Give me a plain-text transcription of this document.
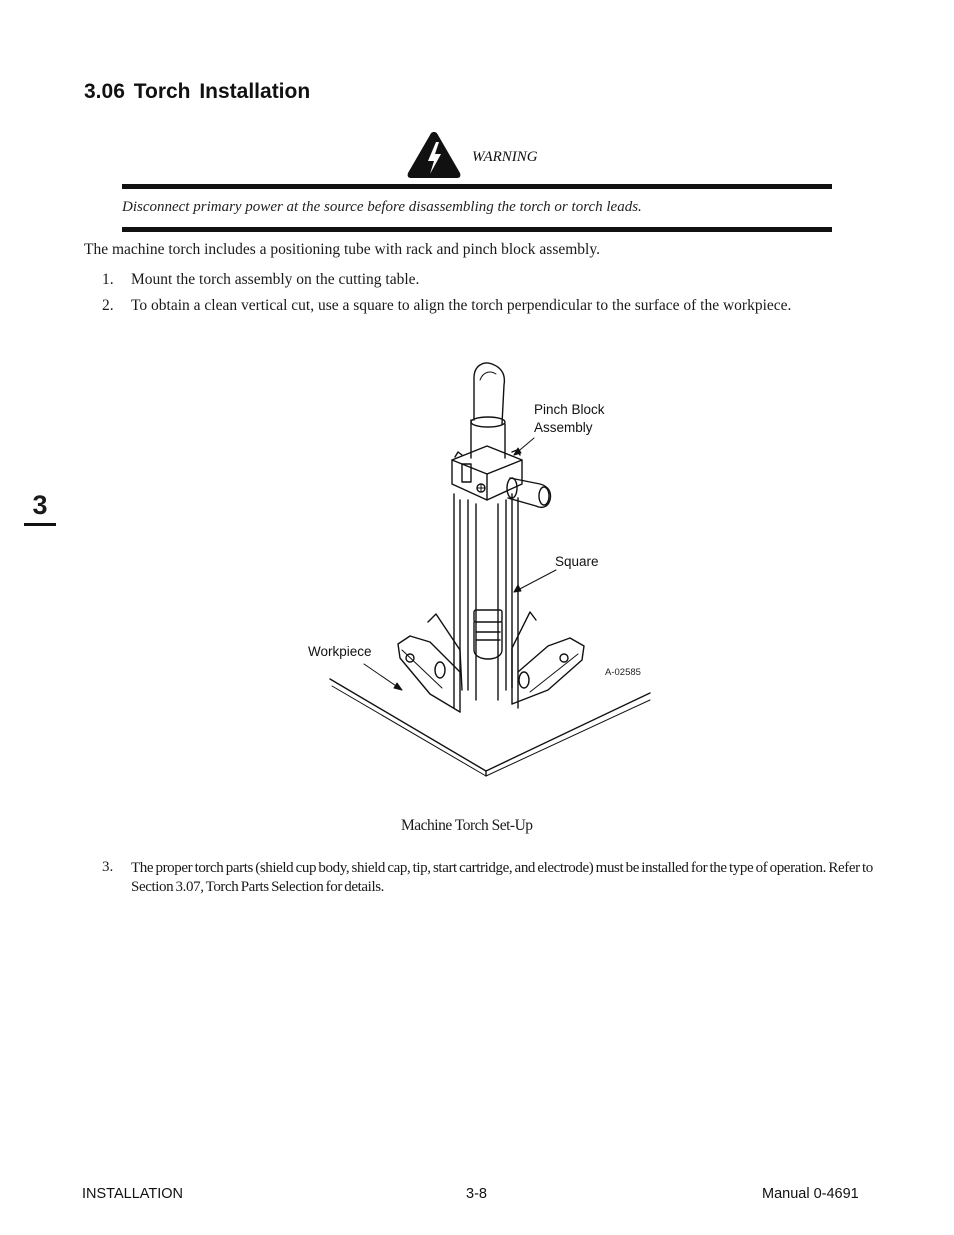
3.06 Torch Installation
WARNING
Disconnect primary power at the source before disassembling the torch or torch leads.
The machine torch includes a positioning tube with rack and pinch block assembly.
1. Mount the torch assembly on the cutting table.
2. To obtain a clean vertical cut, use a square to align the torch perpendicular to the surface of the workpiece.
3
Pinch Block
Assembly
Square
Workpiece
A-02585
Machine Torch Set-Up
3. The proper torch parts (shield cup body, shield cap, tip, start cartridge, and electrode) must be installed for the type of operation. Refer to Section 3.07, Torch Parts Selection for details.
INSTALLATION	3-8	Manual 0-4691
